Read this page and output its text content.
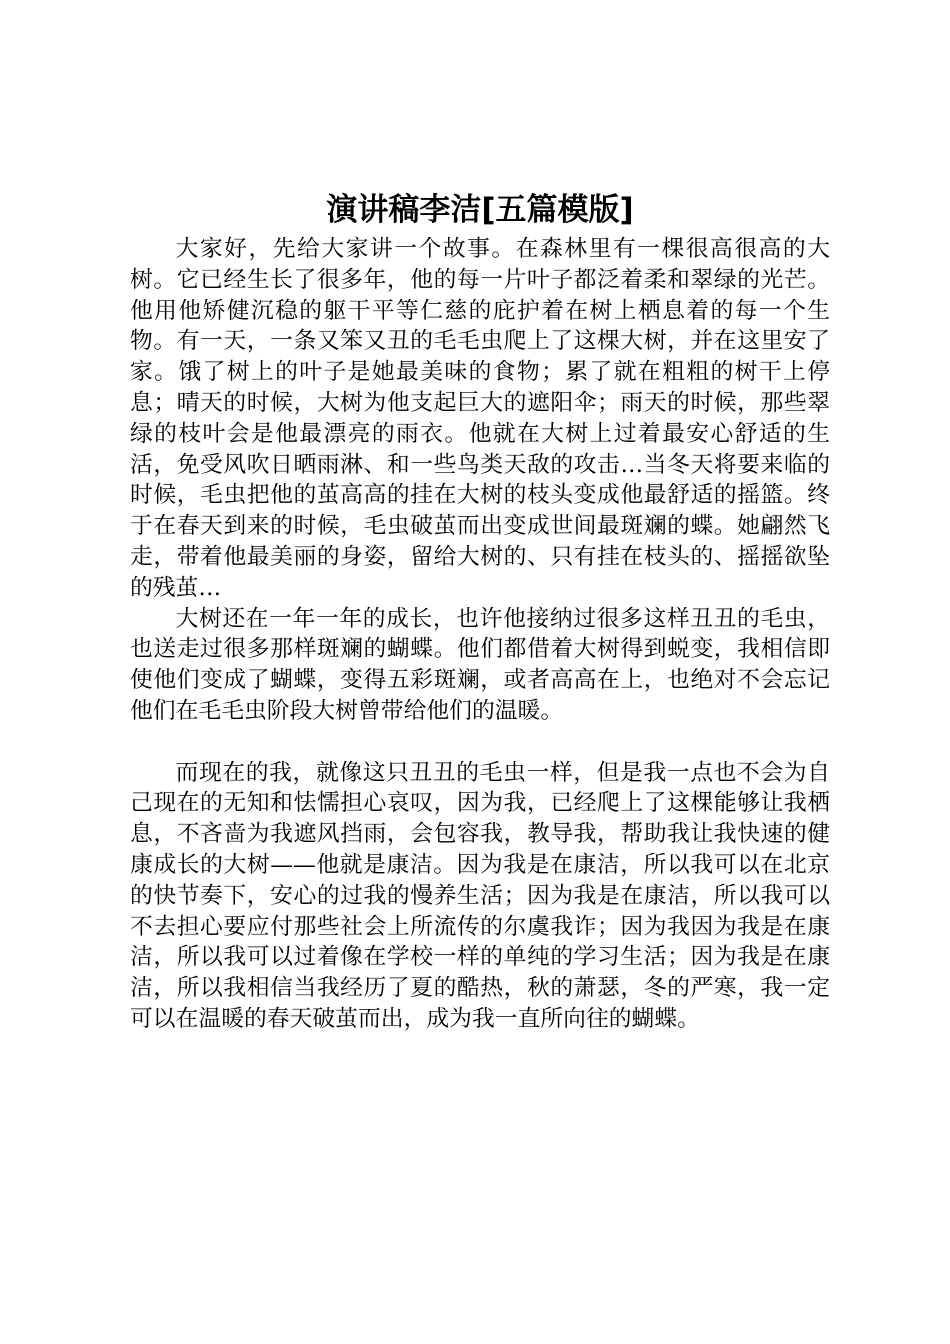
演讲稿李洁[五篇模版]

大家好，先给大家讲一个故事。在森林里有一棵很高很高的大树。它已经生长了很多年，他的每一片叶子都泛着柔和翠绿的光芒。他用他矫健沉稳的躯干平等仁慈的庇护着在树上栖息着的每一个生物。有一天，一条又笨又丑的毛毛虫爬上了这棵大树，并在这里安了家。饿了树上的叶子是她最美味的食物；累了就在粗粗的树干上停息；晴天的时候，大树为他支起巨大的遮阳伞；雨天的时候，那些翠绿的枝叶会是他最漂亮的雨衣。他就在大树上过着最安心舒适的生活，免受风吹日晒雨淋、和一些鸟类天敌的攻击…当冬天将要来临的时候，毛虫把他的茧高高的挂在大树的枝头变成他最舒适的摇篮。终于在春天到来的时候，毛虫破茧而出变成世间最斑斓的蝶。她翩然飞走，带着他最美丽的身姿，留给大树的、只有挂在枝头的、摇摇欲坠的残茧…

大树还在一年一年的成长，也许他接纳过很多这样丑丑的毛虫，也送走过很多那样斑斓的蝴蝶。他们都借着大树得到蜕变，我相信即使他们变成了蝴蝶，变得五彩斑斓，或者高高在上，也绝对不会忘记他们在毛毛虫阶段大树曾带给他们的温暖。

而现在的我，就像这只丑丑的毛虫一样，但是我一点也不会为自己现在的无知和怯懦担心哀叹，因为我，已经爬上了这棵能够让我栖息，不吝啬为我遮风挡雨，会包容我，教导我，帮助我让我快速的健康成长的大树——他就是康洁。因为我是在康洁，所以我可以在北京的快节奏下，安心的过我的慢养生活；因为我是在康洁，所以我可以不去担心要应付那些社会上所流传的尔虞我诈；因为我因为我是在康洁，所以我可以过着像在学校一样的单纯的学习生活；因为我是在康洁，所以我相信当我经历了夏的酷热，秋的萧瑟，冬的严寒，我一定可以在温暖的春天破茧而出，成为我一直所向往的蝴蝶。
